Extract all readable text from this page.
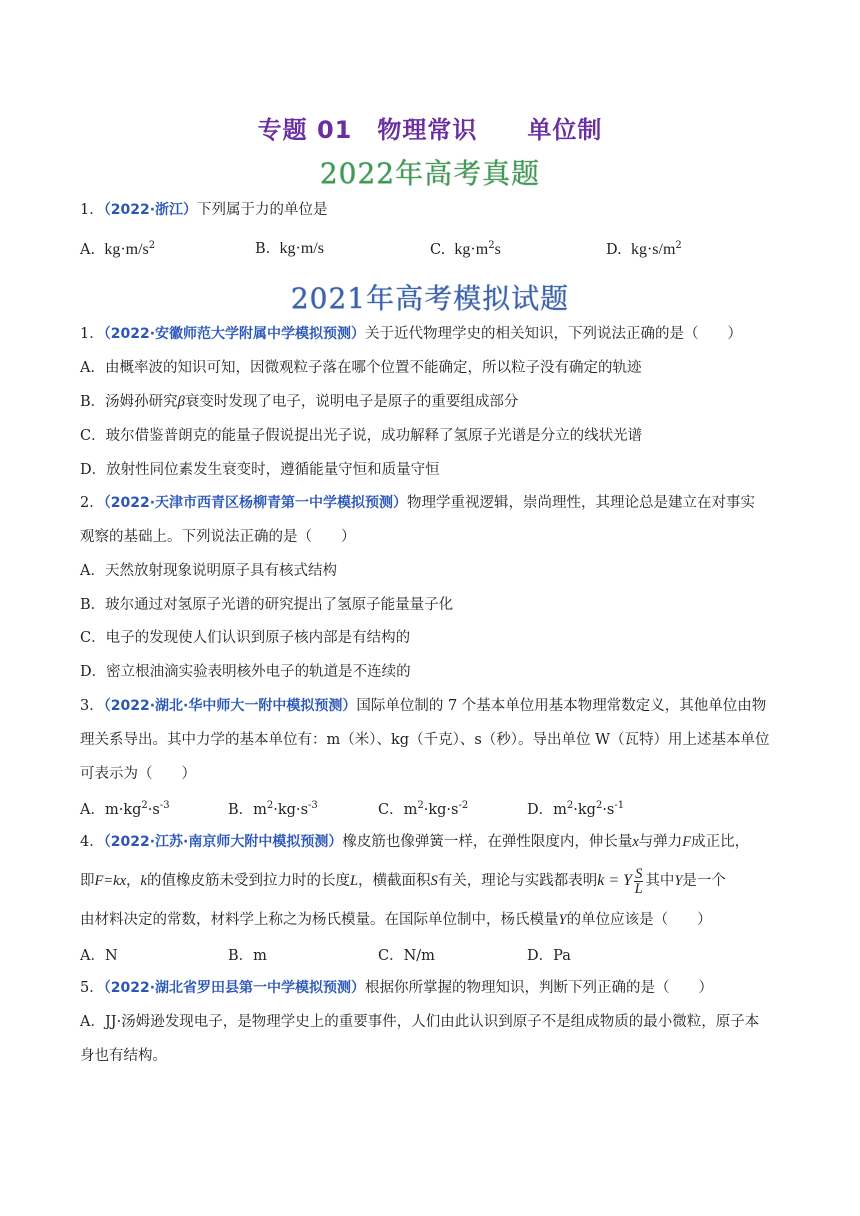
专题 01　物理常识　　单位制
2022年高考真题
1．（2022·浙江）下列属于力的单位是
A. $kg\cdot m/s^2$	B. kg·m/s	C. $kg\cdot m^2s$	D. $kg\cdot s/m^2$
2021年高考模拟试题
1．（2022·安徽师范大学附属中学模拟预测）关于近代物理学史的相关知识，下列说法正确的是（　　）
A．由概率波的知识可知，因微观粒子落在哪个位置不能确定，所以粒子没有确定的轨迹
B．汤姆孙研究β衰变时发现了电子，说明电子是原子的重要组成部分
C．玻尔借鉴普朗克的能量子假说提出光子说，成功解释了氢原子光谱是分立的线状光谱
D．放射性同位素发生衰变时，遵循能量守恒和质量守恒
2．（2022·天津市西青区杨柳青第一中学模拟预测）物理学重视逻辑，崇尚理性，其理论总是建立在对事实
观察的基础上。下列说法正确的是（　　）
A．天然放射现象说明原子具有核式结构
B．玻尔通过对氢原子光谱的研究提出了氢原子能量量子化
C．电子的发现使人们认识到原子核内部是有结构的
D．密立根油滴实验表明核外电子的轨道是不连续的
3．（2022·湖北·华中师大一附中模拟预测）国际单位制的 7 个基本单位用基本物理常数定义，其他单位由物
理关系导出。其中力学的基本单位有：m（米）、kg（千克）、s（秒）。导出单位 W（瓦特）用上述基本单位
可表示为（　　）
A．$m\cdot kg^2\cdot s^{-3}$	B．$m^2\cdot kg\cdot s^{-3}$	C．$m^2\cdot kg\cdot s^{-2}$	D．$m^2\cdot kg^2\cdot s^{-1}$
4．（2022·江苏·南京师大附中模拟预测）橡皮筋也像弹簧一样，在弹性限度内，伸长量x与弹力F成正比，
即F=kx，k的值橡皮筋未受到拉力时的长度L，横截面积S有关，理论与实践都表明k = Y $\frac{S}{L}$ 其中Y是一个
由材料决定的常数，材料学上称之为杨氏模量。在国际单位制中，杨氏模量Y的单位应该是（　　）
A．N	B．m	C．N/m	D．Pa
5．（2022·湖北省罗田县第一中学模拟预测）根据你所掌握的物理知识，判断下列正确的是（　　）
A．JJ·汤姆逊发现电子，是物理学史上的重要事件，人们由此认识到原子不是组成物质的最小微粒，原子本
身也有结构。
